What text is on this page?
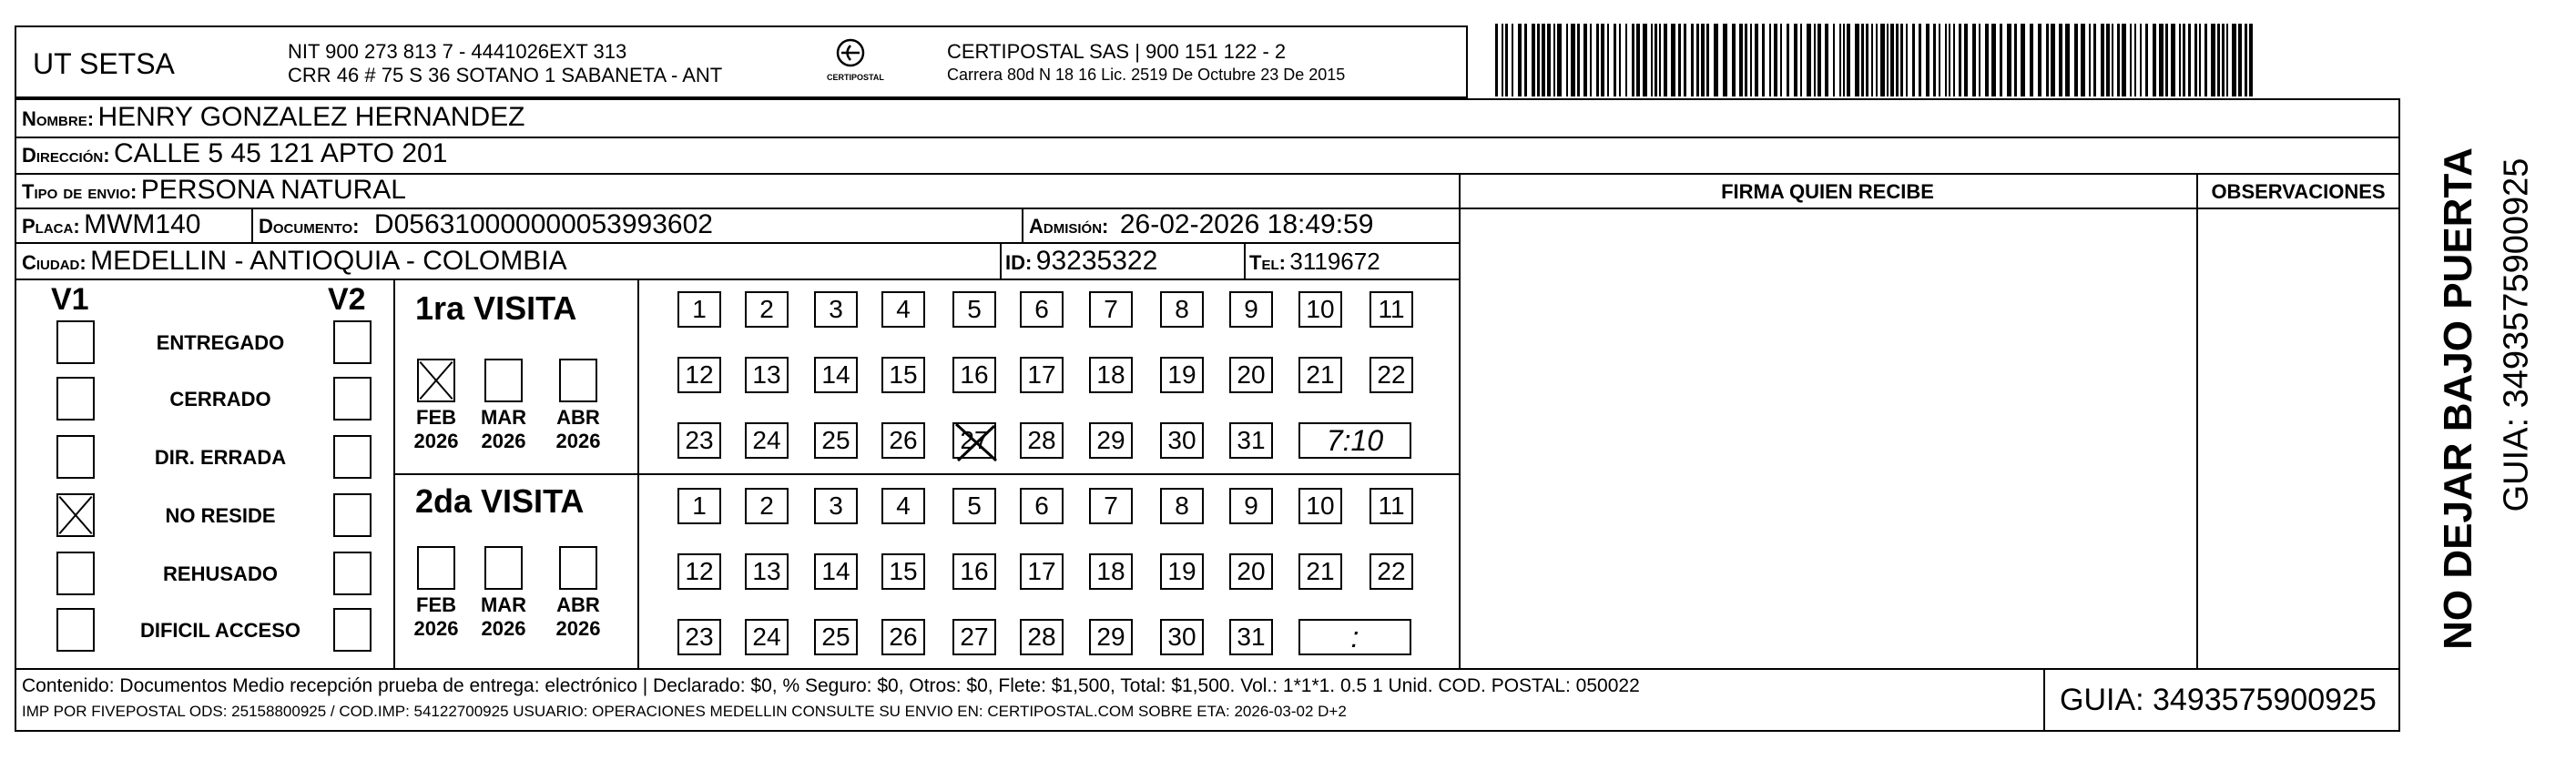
UT SETSA	NIT 900 273 813 7 - 4441026EXT 313
CRR 46 # 75 S 36 SOTANO 1 SABANETA - ANT	CERTIPOSTAL
CERTIPOSTAL SAS | 900 151 122 - 2
Carrera 80d N 18 16 Lic. 2519 De Octubre 23 De 2015
FIRMA QUIEN RECIBE	OBSERVACIONES
Nombre: HENRY GONZALEZ HERNANDEZ
Dirección: CALLE 5 45 121 APTO 201
Tipo de envio: PERSONA NATURAL
Placa: MWM140	Documento: D056310000000053993602	Admisión: 26-02-2026 18:49:59
Ciudad: MEDELLIN - ANTIOQUIA - COLOMBIA	ID: 93235322	Tel: 3119672
V1	V2
ENTREGADO
CERRADO
DIR. ERRADA
NO RESIDE
REHUSADO
DIFICIL ACCESO
1ra VISITA
FEB
2026
MAR
2026
ABR
2026
1	2	3	4	5	6	7	8	9	10	11
12	13	14	15	16	17	18	19	20	21	22
23	24	25	26	27	28	29	30	31	7:10
2da VISITA
FEB
2026
MAR
2026
ABR
2026
1	2	3	4	5	6	7	8	9	10	11
12	13	14	15	16	17	18	19	20	21	22
23	24	25	26	27	28	29	30	31	:
Contenido: Documentos Medio recepción prueba de entrega: electrónico | Declarado: $0, % Seguro: $0, Otros: $0, Flete: $1,500, Total: $1,500. Vol.: 1*1*1. 0.5 1 Unid. COD. POSTAL: 050022
IMP POR FIVEPOSTAL ODS: 25158800925 / COD.IMP: 54122700925 USUARIO: OPERACIONES MEDELLIN CONSULTE SU ENVIO EN: CERTIPOSTAL.COM SOBRE ETA: 2026-03-02 D+2	GUIA: 3493575900925
NO DEJAR BAJO PUERTA GUIA: 3493575900925
